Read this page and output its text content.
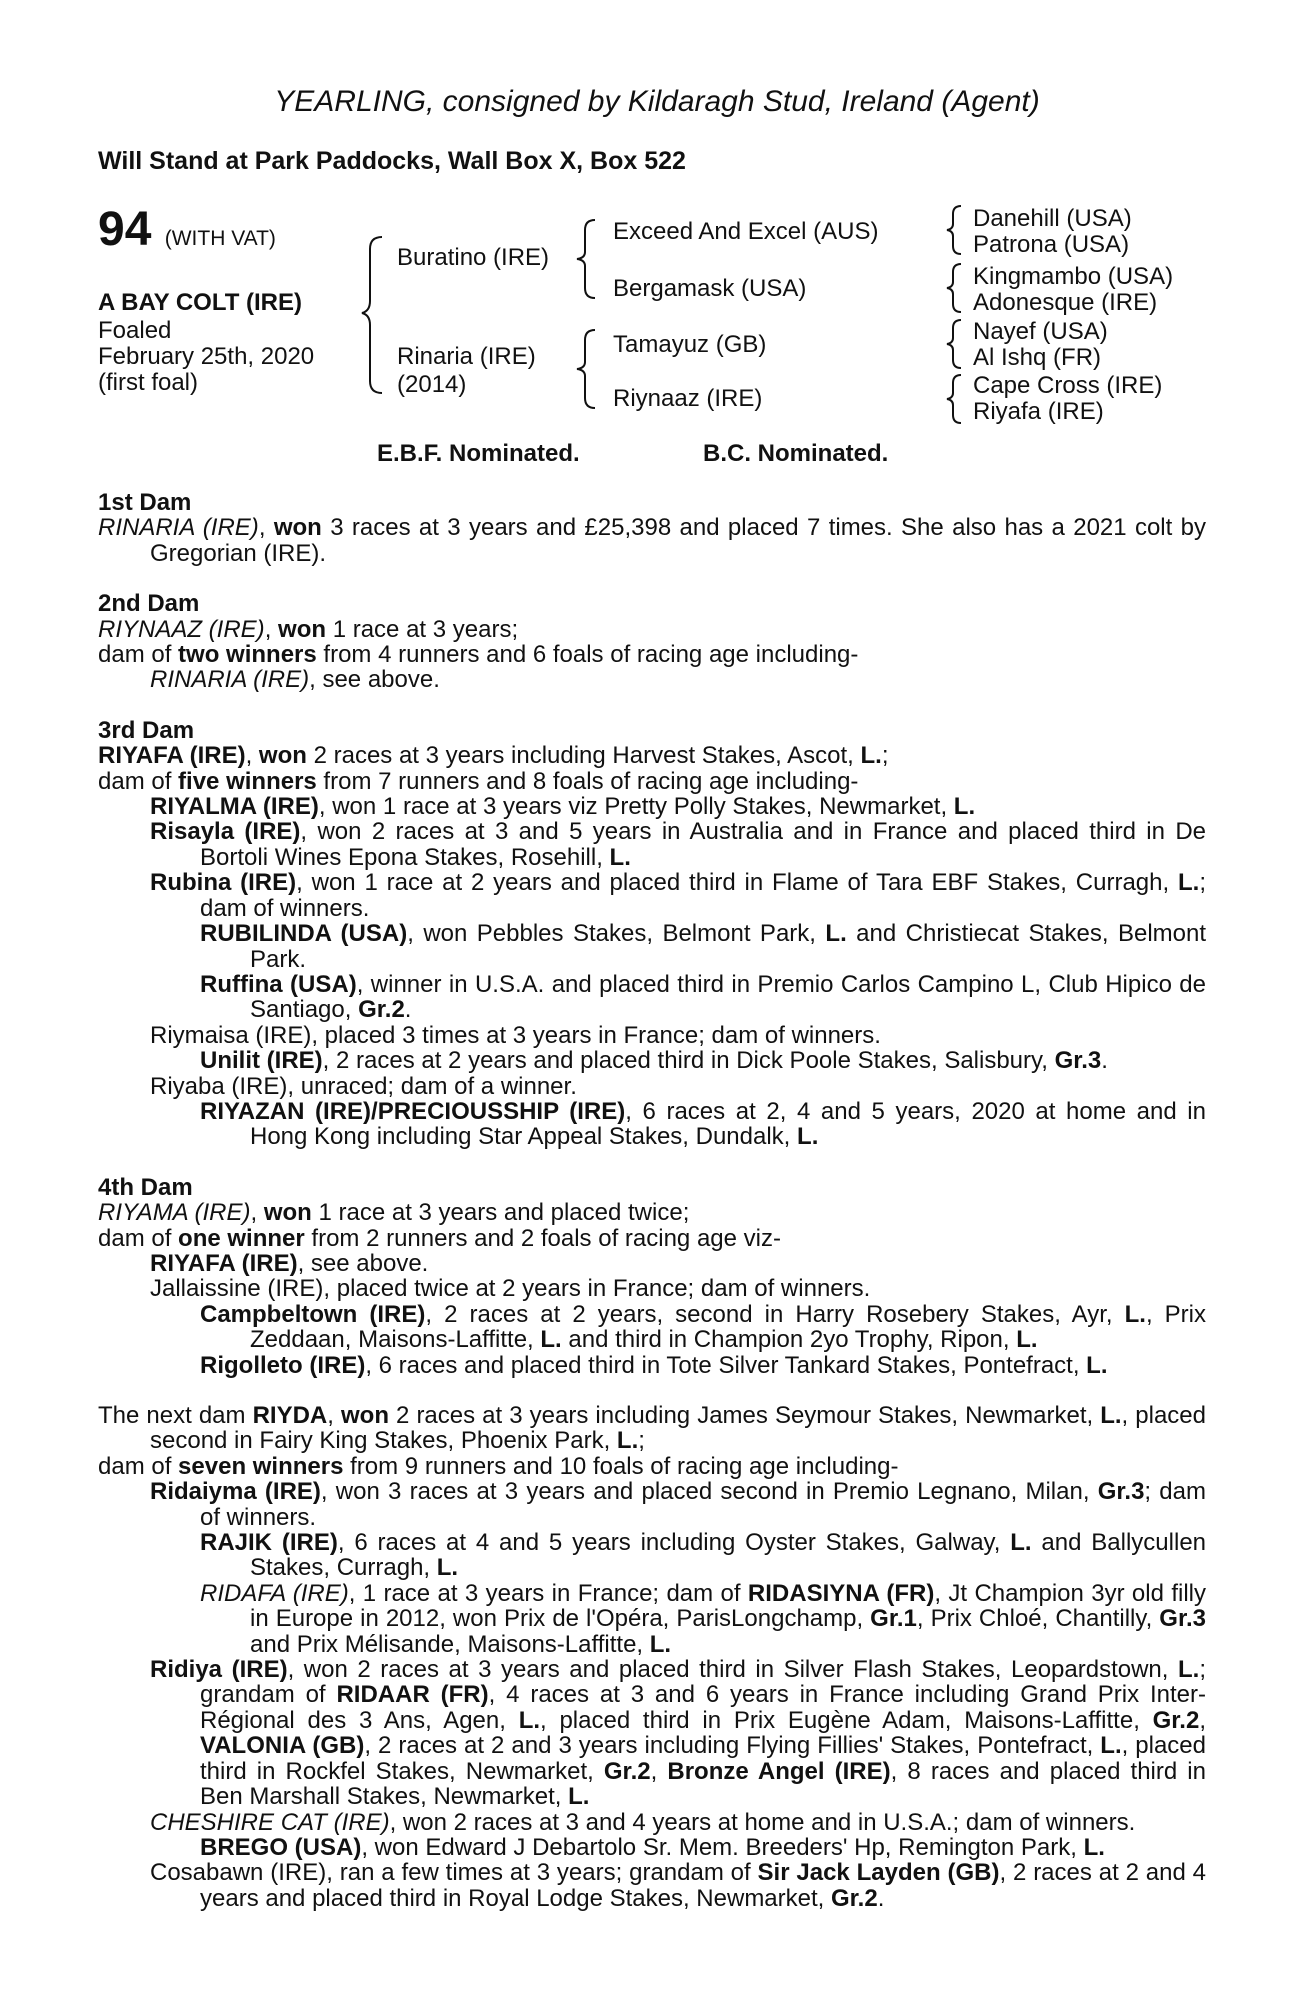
YEARLING, consigned by Kildaragh Stud, Ireland (Agent)
Will Stand at Park Paddocks, Wall Box X, Box 522
94 (WITH VAT)
A BAY COLT (IRE)
Foaled
February 25th, 2020
(first foal)
Buratino (IRE)
Rinaria (IRE)
(2014)
Exceed And Excel (AUS)
Bergamask (USA)
Tamayuz (GB)
Riynaaz (IRE)
Danehill (USA)
Patrona (USA)
Kingmambo (USA)
Adonesque (IRE)
Nayef (USA)
Al Ishq (FR)
Cape Cross (IRE)
Riyafa (IRE)
E.B.F. Nominated.	B.C. Nominated.

1st Dam

RINARIA (IRE), won 3 races at 3 years and £25,398 and placed 7 times. She also has a 2021 colt by Gregorian (IRE).

2nd Dam

RIYNAAZ (IRE), won 1 race at 3 years;

dam of two winners from 4 runners and 6 foals of racing age including-

RINARIA (IRE), see above.

3rd Dam

RIYAFA (IRE), won 2 races at 3 years including Harvest Stakes, Ascot, L.;

dam of five winners from 7 runners and 8 foals of racing age including-

RIYALMA (IRE), won 1 race at 3 years viz Pretty Polly Stakes, Newmarket, L.

Risayla (IRE), won 2 races at 3 and 5 years in Australia and in France and placed third in De Bortoli Wines Epona Stakes, Rosehill, L.

Rubina (IRE), won 1 race at 2 years and placed third in Flame of Tara EBF Stakes, Curragh, L.; dam of winners.

RUBILINDA (USA), won Pebbles Stakes, Belmont Park, L. and Christiecat Stakes, Belmont Park.

Ruffina (USA), winner in U.S.A. and placed third in Premio Carlos Campino L, Club Hipico de Santiago, Gr.2.

Riymaisa (IRE), placed 3 times at 3 years in France; dam of winners.

Unilit (IRE), 2 races at 2 years and placed third in Dick Poole Stakes, Salisbury, Gr.3.

Riyaba (IRE), unraced; dam of a winner.

RIYAZAN (IRE)/PRECIOUSSHIP (IRE), 6 races at 2, 4 and 5 years, 2020 at home and in Hong Kong including Star Appeal Stakes, Dundalk, L.

4th Dam

RIYAMA (IRE), won 1 race at 3 years and placed twice;

dam of one winner from 2 runners and 2 foals of racing age viz-

RIYAFA (IRE), see above.

Jallaissine (IRE), placed twice at 2 years in France; dam of winners.

Campbeltown (IRE), 2 races at 2 years, second in Harry Rosebery Stakes, Ayr, L., Prix Zeddaan, Maisons-Laffitte, L. and third in Champion 2yo Trophy, Ripon, L.

Rigolleto (IRE), 6 races and placed third in Tote Silver Tankard Stakes, Pontefract, L.

The next dam RIYDA, won 2 races at 3 years including James Seymour Stakes, Newmarket, L., placed second in Fairy King Stakes, Phoenix Park, L.;

dam of seven winners from 9 runners and 10 foals of racing age including-

Ridaiyma (IRE), won 3 races at 3 years and placed second in Premio Legnano, Milan, Gr.3; dam of winners.

RAJIK (IRE), 6 races at 4 and 5 years including Oyster Stakes, Galway, L. and Ballycullen Stakes, Curragh, L.

RIDAFA (IRE), 1 race at 3 years in France; dam of RIDASIYNA (FR), Jt Champion 3yr old filly in Europe in 2012, won Prix de l'Opéra, ParisLongchamp, Gr.1, Prix Chloé, Chantilly, Gr.3 and Prix Mélisande, Maisons-Laffitte, L.

Ridiya (IRE), won 2 races at 3 years and placed third in Silver Flash Stakes, Leopardstown, L.; grandam of RIDAAR (FR), 4 races at 3 and 6 years in France including Grand Prix Inter-Régional des 3 Ans, Agen, L., placed third in Prix Eugène Adam, Maisons-Laffitte, Gr.2, VALONIA (GB), 2 races at 2 and 3 years including Flying Fillies' Stakes, Pontefract, L., placed third in Rockfel Stakes, Newmarket, Gr.2, Bronze Angel (IRE), 8 races and placed third in Ben Marshall Stakes, Newmarket, L.

CHESHIRE CAT (IRE), won 2 races at 3 and 4 years at home and in U.S.A.; dam of winners.

BREGO (USA), won Edward J Debartolo Sr. Mem. Breeders' Hp, Remington Park, L.

Cosabawn (IRE), ran a few times at 3 years; grandam of Sir Jack Layden (GB), 2 races at 2 and 4 years and placed third in Royal Lodge Stakes, Newmarket, Gr.2.
